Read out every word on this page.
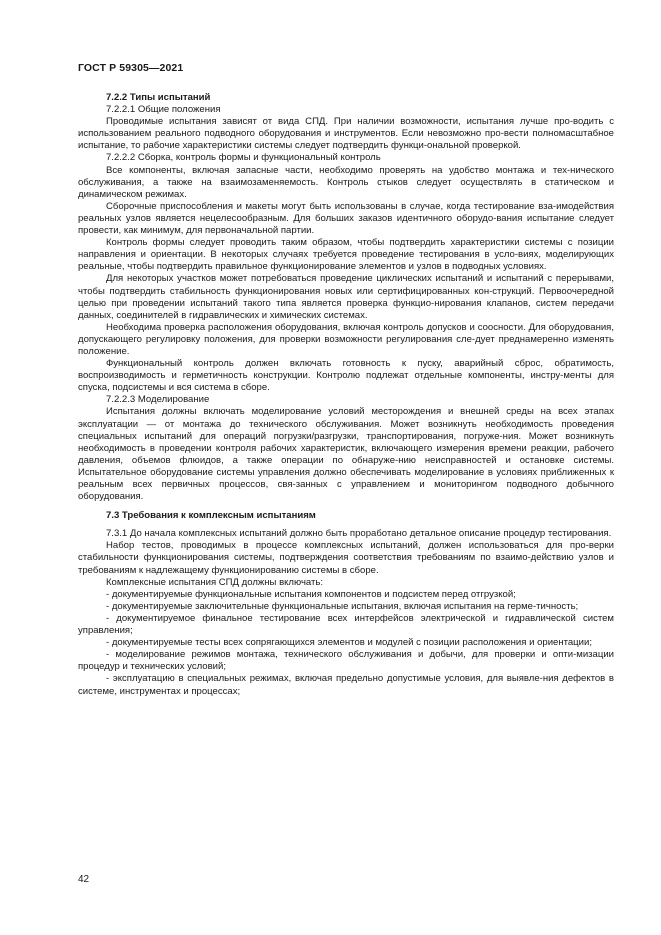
ГОСТ Р 59305—2021

7.2.2 Типы испытаний

7.2.2.1 Общие положения

Проводимые испытания зависят от вида СПД. При наличии возможности, испытания лучше про-водить с использованием реального подводного оборудования и инструментов. Если невозможно про-вести полномасштабное испытание, то рабочие характеристики системы следует подтвердить функци-ональной проверкой.

7.2.2.2 Сборка, контроль формы и функциональный контроль

Все компоненты, включая запасные части, необходимо проверять на удобство монтажа и тех-нического обслуживания, а также на взаимозаменяемость. Контроль стыков следует осуществлять в статическом и динамическом режимах.

Сборочные приспособления и макеты могут быть использованы в случае, когда тестирование вза-имодействия реальных узлов является нецелесообразным. Для больших заказов идентичного оборудо-вания испытание следует провести, как минимум, для первоначальной партии.

Контроль формы следует проводить таким образом, чтобы подтвердить характеристики системы с позиции направления и ориентации. В некоторых случаях требуется проведение тестирования в усло-виях, моделирующих реальные, чтобы подтвердить правильное функционирование элементов и узлов в подводных условиях.

Для некоторых участков может потребоваться проведение циклических испытаний и испытаний с перерывами, чтобы подтвердить стабильность функционирования новых или сертифицированных кон-струкций. Первоочередной целью при проведении испытаний такого типа является проверка функцио-нирования клапанов, систем передачи данных, соединителей в гидравлических и химических системах.

Необходима проверка расположения оборудования, включая контроль допусков и соосности. Для оборудования, допускающего регулировку положения, для проверки возможности регулирования сле-дует преднамеренно изменять положение.

Функциональный контроль должен включать готовность к пуску, аварийный сброс, обратимость, воспроизводимость и герметичность конструкции. Контролю подлежат отдельные компоненты, инстру-менты для спуска, подсистемы и вся система в сборе.

7.2.2.3 Моделирование

Испытания должны включать моделирование условий месторождения и внешней среды на всех этапах эксплуатации — от монтажа до технического обслуживания. Может возникнуть необходимость проведения специальных испытаний для операций погрузки/разгрузки, транспортирования, погруже-ния. Может возникнуть необходимость в проведении контроля рабочих характеристик, включающего измерения времени реакции, рабочего давления, объемов флюидов, а также операции по обнаруже-нию неисправностей и остановке системы. Испытательное оборудование системы управления должно обеспечивать моделирование в условиях приближенных к реальным всех первичных процессов, свя-занных с управлением и мониторингом подводного добычного оборудования.

7.3 Требования к комплексным испытаниям

7.3.1 До начала комплексных испытаний должно быть проработано детальное описание процедур тестирования.

Набор тестов, проводимых в процессе комплексных испытаний, должен использоваться для про-верки стабильности функционирования системы, подтверждения соответствия требованиям по взаимо-действию узлов и требованиям к надлежащему функционированию системы в сборе.

Комплексные испытания СПД должны включать:

- документируемые функциональные испытания компонентов и подсистем перед отгрузкой;

- документируемые заключительные функциональные испытания, включая испытания на герме-тичность;

- документируемое финальное тестирование всех интерфейсов электрической и гидравлической систем управления;

- документируемые тесты всех сопрягающихся элементов и модулей с позиции расположения и ориентации;

- моделирование режимов монтажа, технического обслуживания и добычи, для проверки и опти-мизации процедур и технических условий;

- эксплуатацию в специальных режимах, включая предельно допустимые условия, для выявле-ния дефектов в системе, инструментах и процессах;

42
